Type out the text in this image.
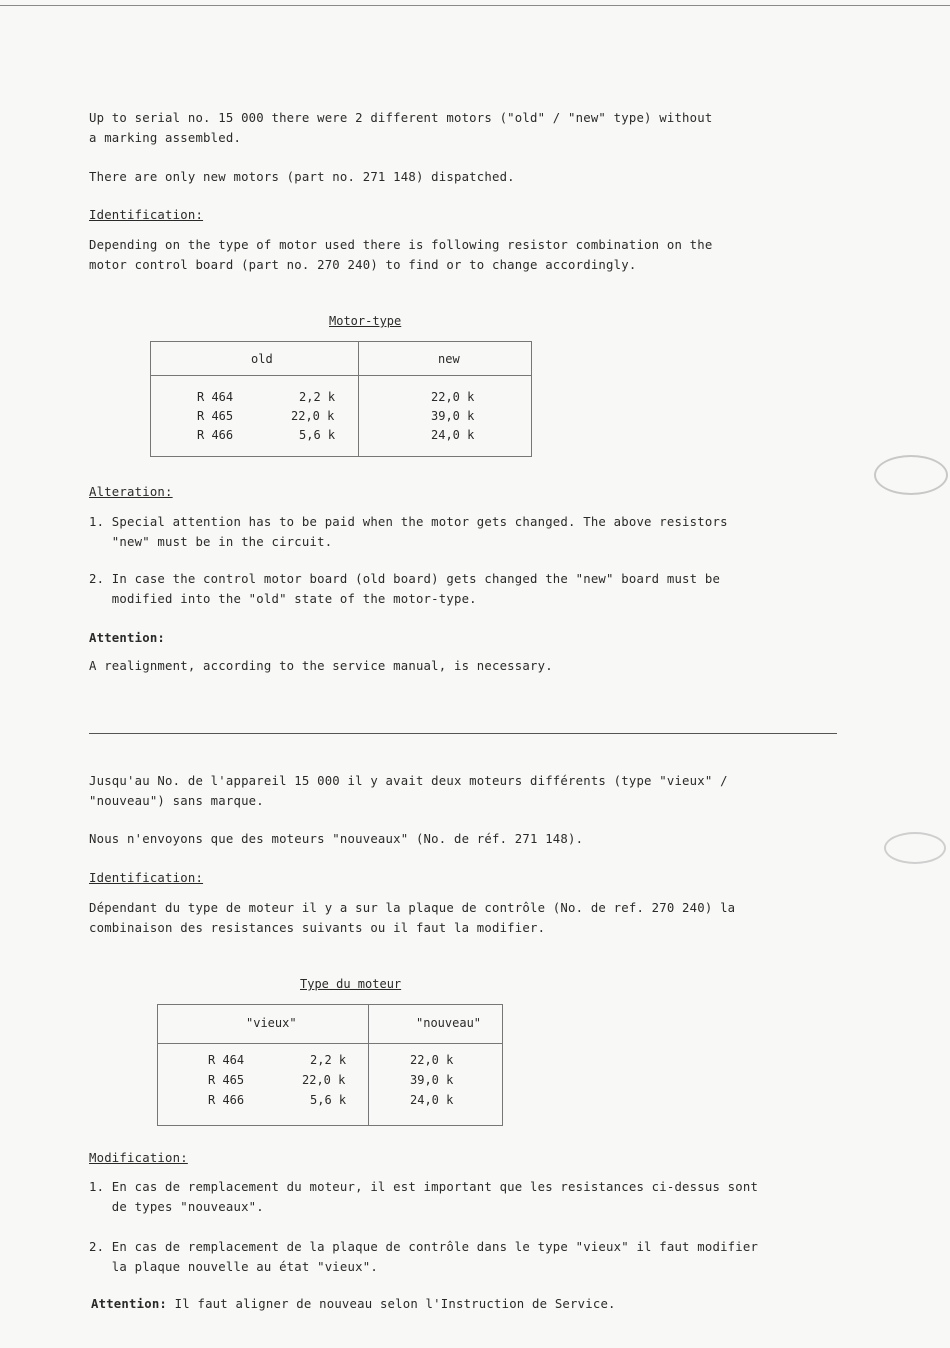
Up to serial no. 15 000 there were 2 different motors ("old" / "new" type) without
a marking assembled.
There are only new motors (part no. 271 148) dispatched.
Identification:
Depending on the type of motor used there is following resistor combination on the
motor control board (part no. 270 240) to find or to change accordingly.
Motor-type
old	new
R 464	2,2 k	22,0 k
R 465	22,0 k	39,0 k
R 466	5,6 k	24,0 k
Alteration:
1. Special attention has to be paid when the motor gets changed. The above resistors
"new" must be in the circuit.
2. In case the control motor board (old board) gets changed the "new" board must be
modified into the "old" state of the motor-type.
Attention:
A realignment, according to the service manual, is necessary.
Jusqu'au No. de l'appareil 15 000 il y avait deux moteurs différents (type "vieux" /
"nouveau") sans marque.
Nous n'envoyons que des moteurs "nouveaux" (No. de réf. 271 148).
Identification:
Dépendant du type de moteur il y a sur la plaque de contrôle (No. de ref. 270 240) la
combinaison des resistances suivants ou il faut la modifier.
Type du moteur
"vieux"	"nouveau"
R 464	2,2 k	22,0 k
R 465	22,0 k	39,0 k
R 466	5,6 k	24,0 k
Modification:
1. En cas de remplacement du moteur, il est important que les resistances ci-dessus sont
de types "nouveaux".
2. En cas de remplacement de la plaque de contrôle dans le type "vieux" il faut modifier
la plaque nouvelle au état "vieux".
Attention: Il faut aligner de nouveau selon l'Instruction de Service.
